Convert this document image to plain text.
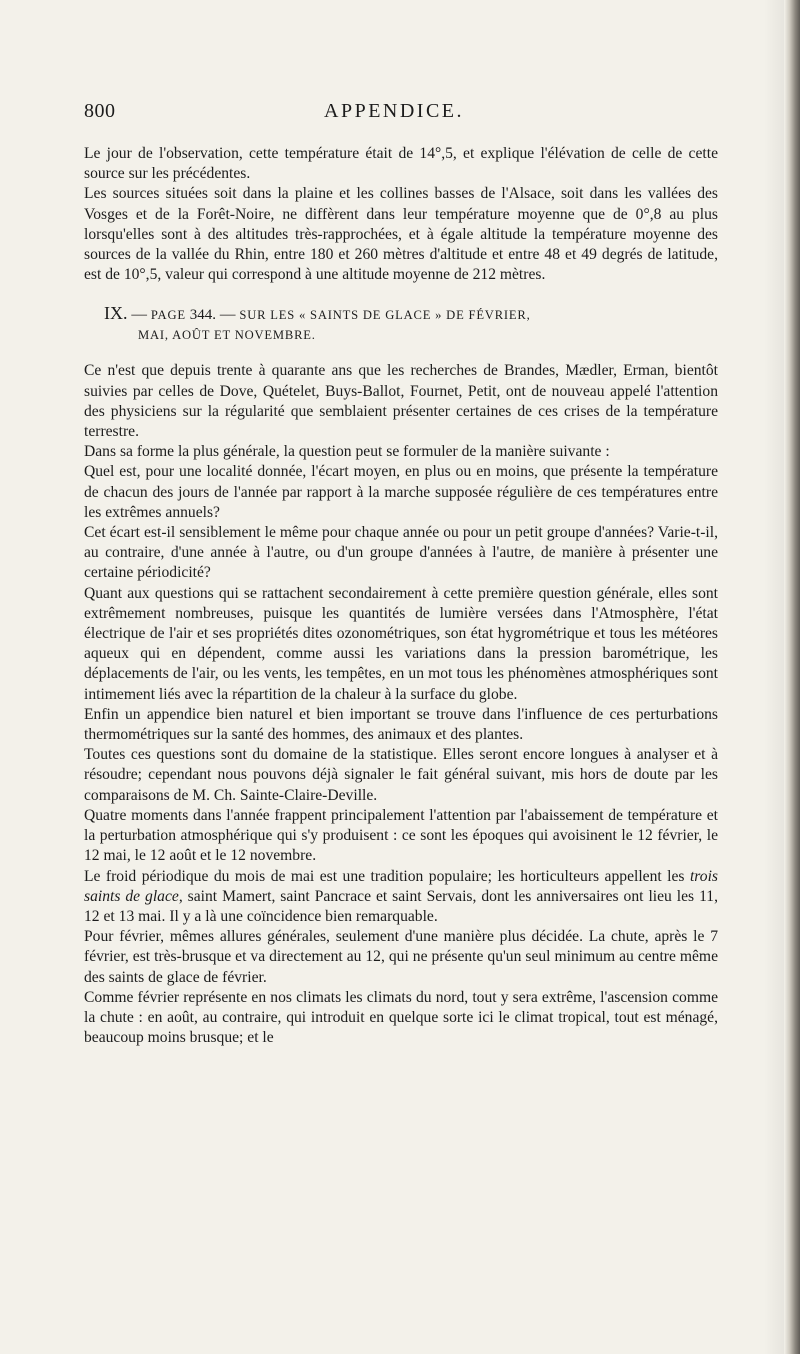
800	APPENDICE.

Le jour de l'observation, cette température était de 14°,5, et explique l'élévation de celle de cette source sur les précédentes.

Les sources situées soit dans la plaine et les collines basses de l'Alsace, soit dans les vallées des Vosges et de la Forêt-Noire, ne diffèrent dans leur température moyenne que de 0°,8 au plus lorsqu'elles sont à des altitudes très-rapprochées, et à égale altitude la température moyenne des sources de la vallée du Rhin, entre 180 et 260 mètres d'altitude et entre 48 et 49 degrés de latitude, est de 10°,5, valeur qui correspond à une altitude moyenne de 212 mètres.

IX. — PAGE 344. — SUR LES « SAINTS DE GLACE » DE FÉVRIER,
MAI, AOÛT ET NOVEMBRE.

Ce n'est que depuis trente à quarante ans que les recherches de Brandes, Mædler, Erman, bientôt suivies par celles de Dove, Quételet, Buys-Ballot, Fournet, Petit, ont de nouveau appelé l'attention des physiciens sur la régularité que semblaient présenter certaines de ces crises de la température terrestre.

Dans sa forme la plus générale, la question peut se formuler de la manière suivante :

Quel est, pour une localité donnée, l'écart moyen, en plus ou en moins, que présente la température de chacun des jours de l'année par rapport à la marche supposée régulière de ces températures entre les extrêmes annuels?

Cet écart est-il sensiblement le même pour chaque année ou pour un petit groupe d'années? Varie-t-il, au contraire, d'une année à l'autre, ou d'un groupe d'années à l'autre, de manière à présenter une certaine périodicité?

Quant aux questions qui se rattachent secondairement à cette première question générale, elles sont extrêmement nombreuses, puisque les quantités de lumière versées dans l'Atmosphère, l'état électrique de l'air et ses propriétés dites ozonométriques, son état hygrométrique et tous les météores aqueux qui en dépendent, comme aussi les variations dans la pression barométrique, les déplacements de l'air, ou les vents, les tempêtes, en un mot tous les phénomènes atmosphériques sont intimement liés avec la répartition de la chaleur à la surface du globe.

Enfin un appendice bien naturel et bien important se trouve dans l'influence de ces perturbations thermométriques sur la santé des hommes, des animaux et des plantes.

Toutes ces questions sont du domaine de la statistique. Elles seront encore longues à analyser et à résoudre; cependant nous pouvons déjà signaler le fait général suivant, mis hors de doute par les comparaisons de M. Ch. Sainte-Claire-Deville.

Quatre moments dans l'année frappent principalement l'attention par l'abaissement de température et la perturbation atmosphérique qui s'y produisent : ce sont les époques qui avoisinent le 12 février, le 12 mai, le 12 août et le 12 novembre.

Le froid périodique du mois de mai est une tradition populaire; les horticulteurs appellent les trois saints de glace, saint Mamert, saint Pancrace et saint Servais, dont les anniversaires ont lieu les 11, 12 et 13 mai. Il y a là une coïncidence bien remarquable.

Pour février, mêmes allures générales, seulement d'une manière plus décidée. La chute, après le 7 février, est très-brusque et va directement au 12, qui ne présente qu'un seul minimum au centre même des saints de glace de février.

Comme février représente en nos climats les climats du nord, tout y sera extrême, l'ascension comme la chute : en août, au contraire, qui introduit en quelque sorte ici le climat tropical, tout est ménagé, beaucoup moins brusque; et le
